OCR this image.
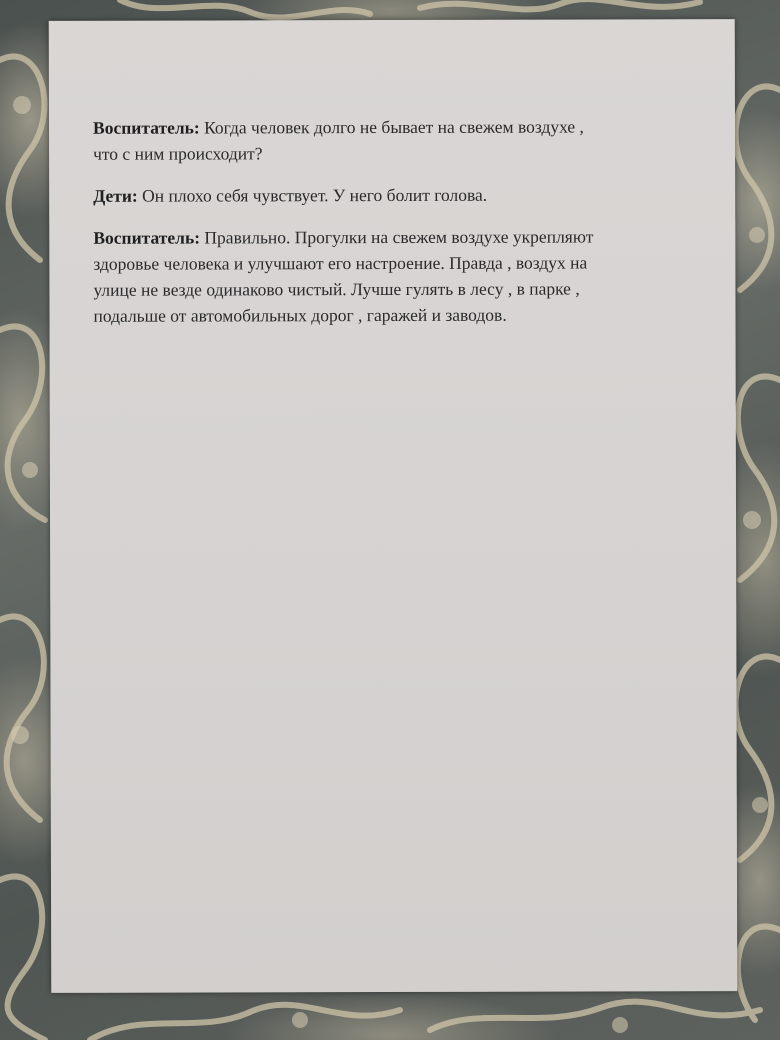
Воспитатель: Когда человек долго не бывает на свежем воздухе ,
что с ним происходит?

Дети: Он плохо себя чувствует. У него болит голова.

Воспитатель: Правильно. Прогулки на свежем воздухе укрепляют
здоровье человека и улучшают его настроение. Правда , воздух на
улице не везде одинаково чистый. Лучше гулять в лесу , в парке ,
подальше от автомобильных дорог , гаражей и заводов.
